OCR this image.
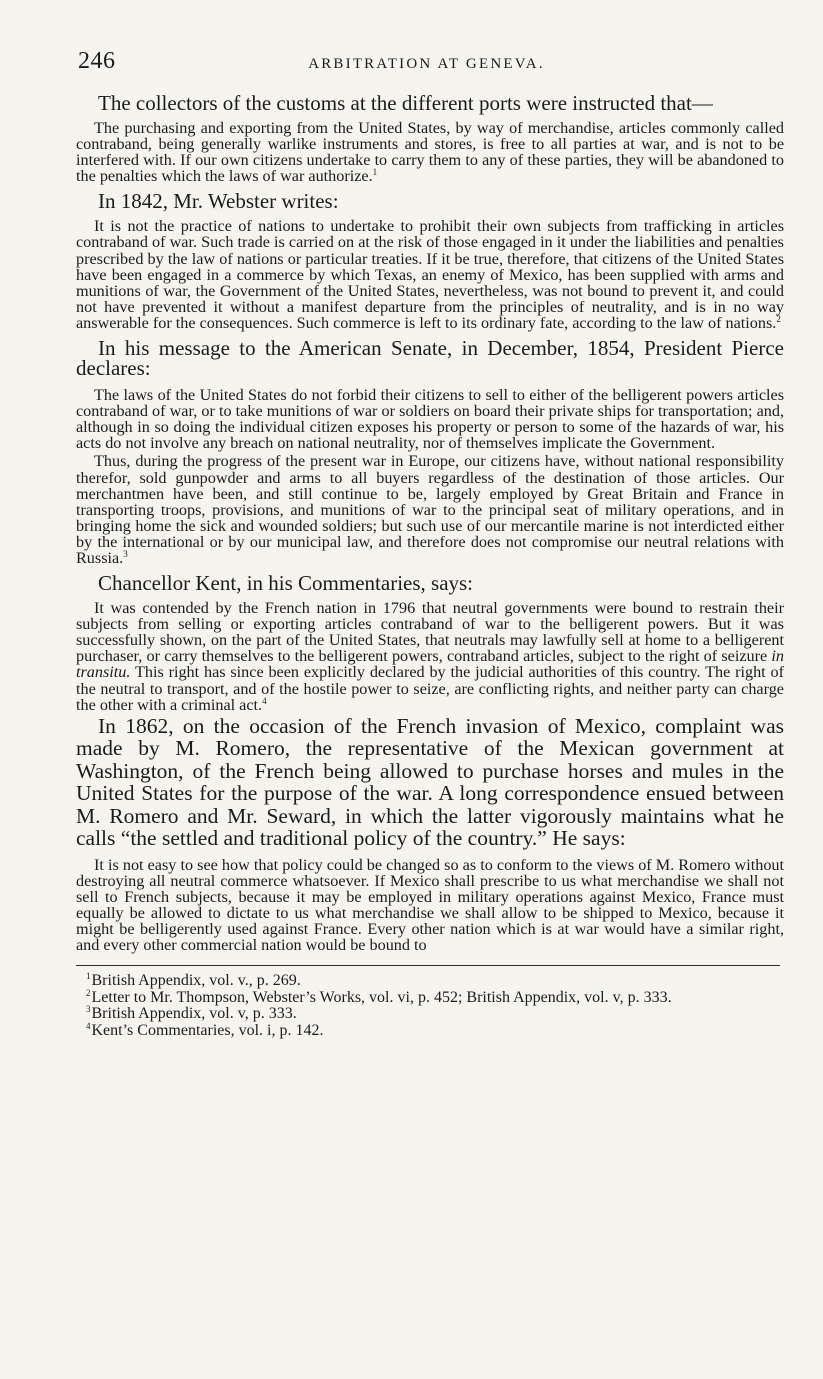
246	ARBITRATION AT GENEVA.

The collectors of the customs at the different ports were instructed that—

The purchasing and exporting from the United States, by way of merchandise, articles commonly called contraband, being generally warlike instruments and stores, is free to all parties at war, and is not to be interfered with. If our own citizens undertake to carry them to any of these parties, they will be abandoned to the penalties which the laws of war authorize.$^1$

In 1842, Mr. Webster writes:

It is not the practice of nations to undertake to prohibit their own subjects from trafficking in articles contraband of war. Such trade is carried on at the risk of those engaged in it under the liabilities and penalties prescribed by the law of nations or particular treaties. If it be true, therefore, that citizens of the United States have been engaged in a commerce by which Texas, an enemy of Mexico, has been supplied with arms and munitions of war, the Government of the United States, nevertheless, was not bound to prevent it, and could not have prevented it without a manifest departure from the principles of neutrality, and is in no way answerable for the consequences. Such commerce is left to its ordinary fate, according to the law of nations.$^2$

In his message to the American Senate, in December, 1854, President Pierce declares:

The laws of the United States do not forbid their citizens to sell to either of the belligerent powers articles contraband of war, or to take munitions of war or soldiers on board their private ships for transportation; and, although in so doing the individual citizen exposes his property or person to some of the hazards of war, his acts do not involve any breach on national neutrality, nor of themselves implicate the Government.

Thus, during the progress of the present war in Europe, our citizens have, without national responsibility therefor, sold gunpowder and arms to all buyers regardless of the destination of those articles. Our merchantmen have been, and still continue to be, largely employed by Great Britain and France in transporting troops, provisions, and munitions of war to the principal seat of military operations, and in bringing home the sick and wounded soldiers; but such use of our mercantile marine is not interdicted either by the international or by our municipal law, and therefore does not compromise our neutral relations with Russia.$^3$

Chancellor Kent, in his Commentaries, says:

It was contended by the French nation in 1796 that neutral governments were bound to restrain their subjects from selling or exporting articles contraband of war to the belligerent powers. But it was successfully shown, on the part of the United States, that neutrals may lawfully sell at home to a belligerent purchaser, or carry themselves to the belligerent powers, contraband articles, subject to the right of seizure in transitu. This right has since been explicitly declared by the judicial authorities of this country. The right of the neutral to transport, and of the hostile power to seize, are conflicting rights, and neither party can charge the other with a criminal act.$^4$

In 1862, on the occasion of the French invasion of Mexico, complaint was made by M. Romero, the representative of the Mexican government at Washington, of the French being allowed to purchase horses and mules in the United States for the purpose of the war. A long correspondence ensued between M. Romero and Mr. Seward, in which the latter vigorously maintains what he calls “the settled and traditional policy of the country.” He says:

It is not easy to see how that policy could be changed so as to conform to the views of M. Romero without destroying all neutral commerce whatsoever. If Mexico shall prescribe to us what merchandise we shall not sell to French subjects, because it may be employed in military operations against Mexico, France must equally be allowed to dictate to us what merchandise we shall allow to be shipped to Mexico, because it might be belligerently used against France. Every other nation which is at war would have a similar right, and every other commercial nation would be bound to

$^1$British Appendix, vol. v., p. 269.

$^2$Letter to Mr. Thompson, Webster’s Works, vol. vi, p. 452; British Appendix, vol. v, p. 333.

$^3$British Appendix, vol. v, p. 333.

$^4$Kent’s Commentaries, vol. i, p. 142.
